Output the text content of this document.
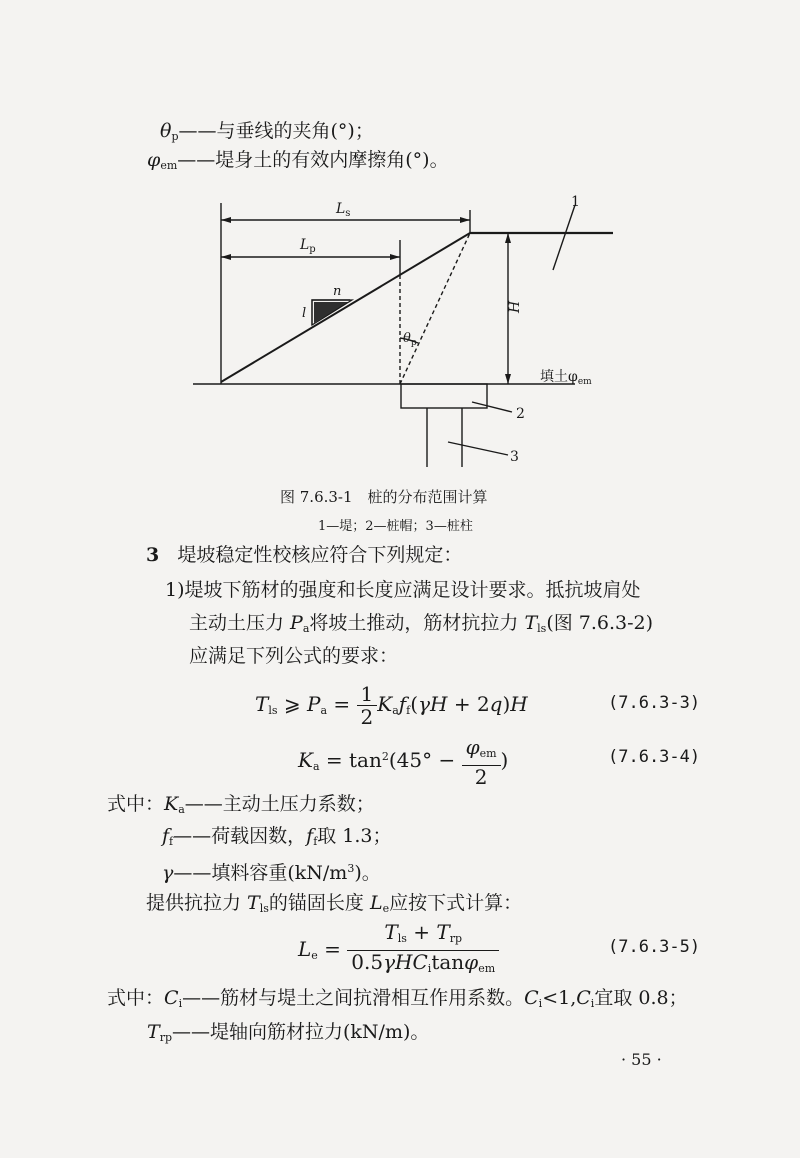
$\theta_p——$与垂线的夹角(°)；
$\varphi_{em}——$堤身土的有效内摩擦角(°)。
$L_s$
$L_p$
n
l
$\theta_p$
H
填土$\varphi_{em}$
1
2
3
图 7.6.3-1　桩的分布范围计算
1—堤；2—桩帽；3—桩柱
3 堤坡稳定性校核应符合下列规定：
1)堤坡下筋材的强度和长度应满足设计要求。抵抗坡肩处
主动土压力 $P_a$将坡土推动，筋材抗拉力 $T_{ls}$(图 7.6.3-2)
应满足下列公式的要求：
$T_{ls}$ ⩾ $P_a = \frac{1}{2} K_af_f(\gamma H + 2q)H$	(7.6.3-3)
$K_a = \tan^2(45^\circ - \frac{\varphi_{em}}{2}$ )	(7.6.3-4)
式中：$K_a——$主动土压力系数；
$f_f——$荷载因数，$f_f$取 1.3；
γ——填料容重$(kN/m^3)$。
提供抗拉力 $T_{ls}$的锚固长度 $L_e$应按下式计算：
$L_e = \frac{T_{ls} + T_{rp}}{0.5\gamma HC_i\tan\varphi_{em}}$	(7.6.3-5)
式中：$C_i——$筋材与堤土之间抗滑相互作用系数。$C_i<1,C_i$宜取 0.8；
$T_{rp}——$堤轴向筋材拉力(kN/m)。
· 55 ·
